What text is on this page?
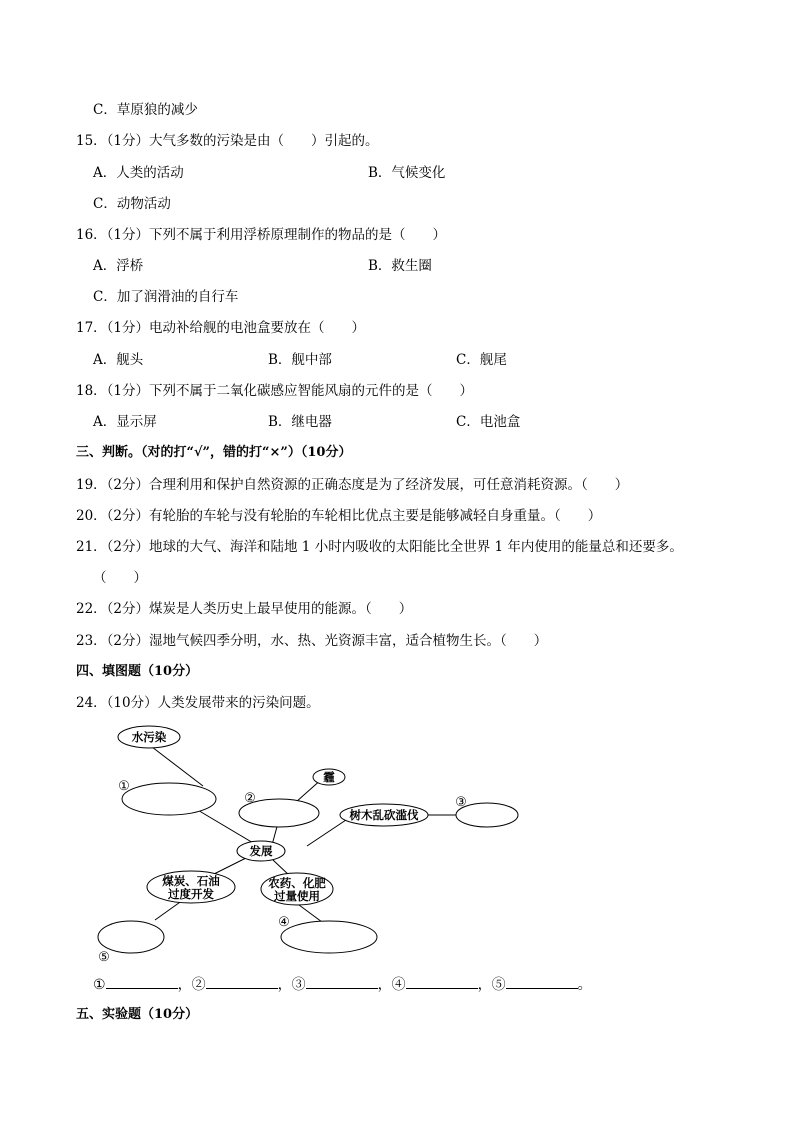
C．草原狼的减少
15．（1分）大气多数的污染是由（　　）引起的。
A．人类的活动	B．气候变化
C．动物活动
16．（1分）下列不属于利用浮桥原理制作的物品的是（　　）
A．浮桥	B．救生圈
C．加了润滑油的自行车
17．（1分）电动补给舰的电池盒要放在（　　）
A．舰头	B．舰中部	C．舰尾
18．（1分）下列不属于二氧化碳感应智能风扇的元件的是（　　）
A．显示屏	B．继电器	C．电池盒
三、判断。（对的打“√”，错的打“×”）（10分）
19．（2分）合理利用和保护自然资源的正确态度是为了经济发展，可任意消耗资源。（　　）
20．（2分）有轮胎的车轮与没有轮胎的车轮相比优点主要是能够减轻自身重量。（　　）
21．（2分）地球的大气、海洋和陆地 1 小时内吸收的太阳能比全世界 1 年内使用的能量总和还要多。
（　　）
22．（2分）煤炭是人类历史上最早使用的能源。（　　）
23．（2分）湿地气候四季分明，水、热、光资源丰富，适合植物生长。（　　）
四、填图题（10分）
24．（10分）人类发展带来的污染问题。
水污染
霾
树木乱砍滥伐
发展
煤炭、石油
过度开发
农药、化肥
过量使用
①
②	③
④
⑤
①	，②	，③	，④	，⑤	。
五、实验题（10分）
